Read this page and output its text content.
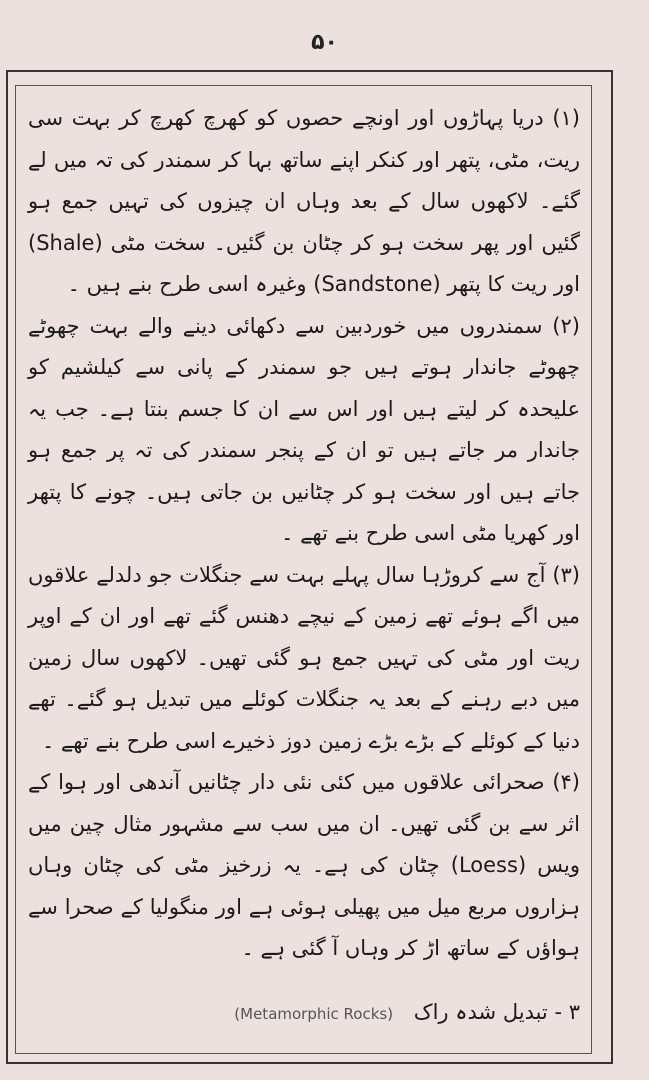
۵۰

(۱) دریا پہاڑوں اور اونچے حصوں کو کھرچ کھرچ کر بہت سی ریت، مٹی، پتھر اور کنکر اپنے ساتھ بہا کر سمندر کی تہ میں لے گئے۔ لاکھوں سال کے بعد وہاں ان چیزوں کی تہیں جمع ہو گئیں اور پھر سخت ہو کر چٹان بن گئیں۔ سخت مٹی (Shale) اور ریت کا پتھر (Sandstone) وغیرہ اسی طرح بنے ہیں ۔

(۲) سمندروں میں خوردبین سے دکھائی دینے والے بہت چھوٹے چھوٹے جاندار ہوتے ہیں جو سمندر کے پانی سے کیلشیم کو علیحدہ کر لیتے ہیں اور اس سے ان کا جسم بنتا ہے۔ جب یہ جاندار مر جاتے ہیں تو ان کے پنجر سمندر کی تہ پر جمع ہو جاتے ہیں اور سخت ہو کر چٹانیں بن جاتی ہیں۔ چونے کا پتھر اور کھریا مٹی اسی طرح بنے تھے ۔

(۳) آج سے کروڑہا سال پہلے بہت سے جنگلات جو دلدلے علاقوں میں اگے ہوئے تھے زمین کے نیچے دھنس گئے تھے اور ان کے اوپر ریت اور مٹی کی تہیں جمع ہو گئی تھیں۔ لاکھوں سال زمین میں دبے رہنے کے بعد یہ جنگلات کوئلے میں تبدیل ہو گئے۔ تھے دنیا کے کوئلے کے بڑے بڑے زمین دوز ذخیرے اسی طرح بنے تھے ۔

(۴) صحرائی علاقوں میں کئی نئی دار چٹانیں آندھی اور ہوا کے اثر سے بن گئی تھیں۔ ان میں سب سے مشہور مثال چین میں ویس (Loess) چٹان کی ہے۔ یہ زرخیز مٹی کی چٹان وہاں ہزاروں مربع میل میں پھیلی ہوئی ہے اور منگولیا کے صحرا سے ہواؤں کے ساتھ اڑ کر وہاں آ گئی ہے ۔

۳ - تبدیل شدہ راک (Metamorphic Rocks)
